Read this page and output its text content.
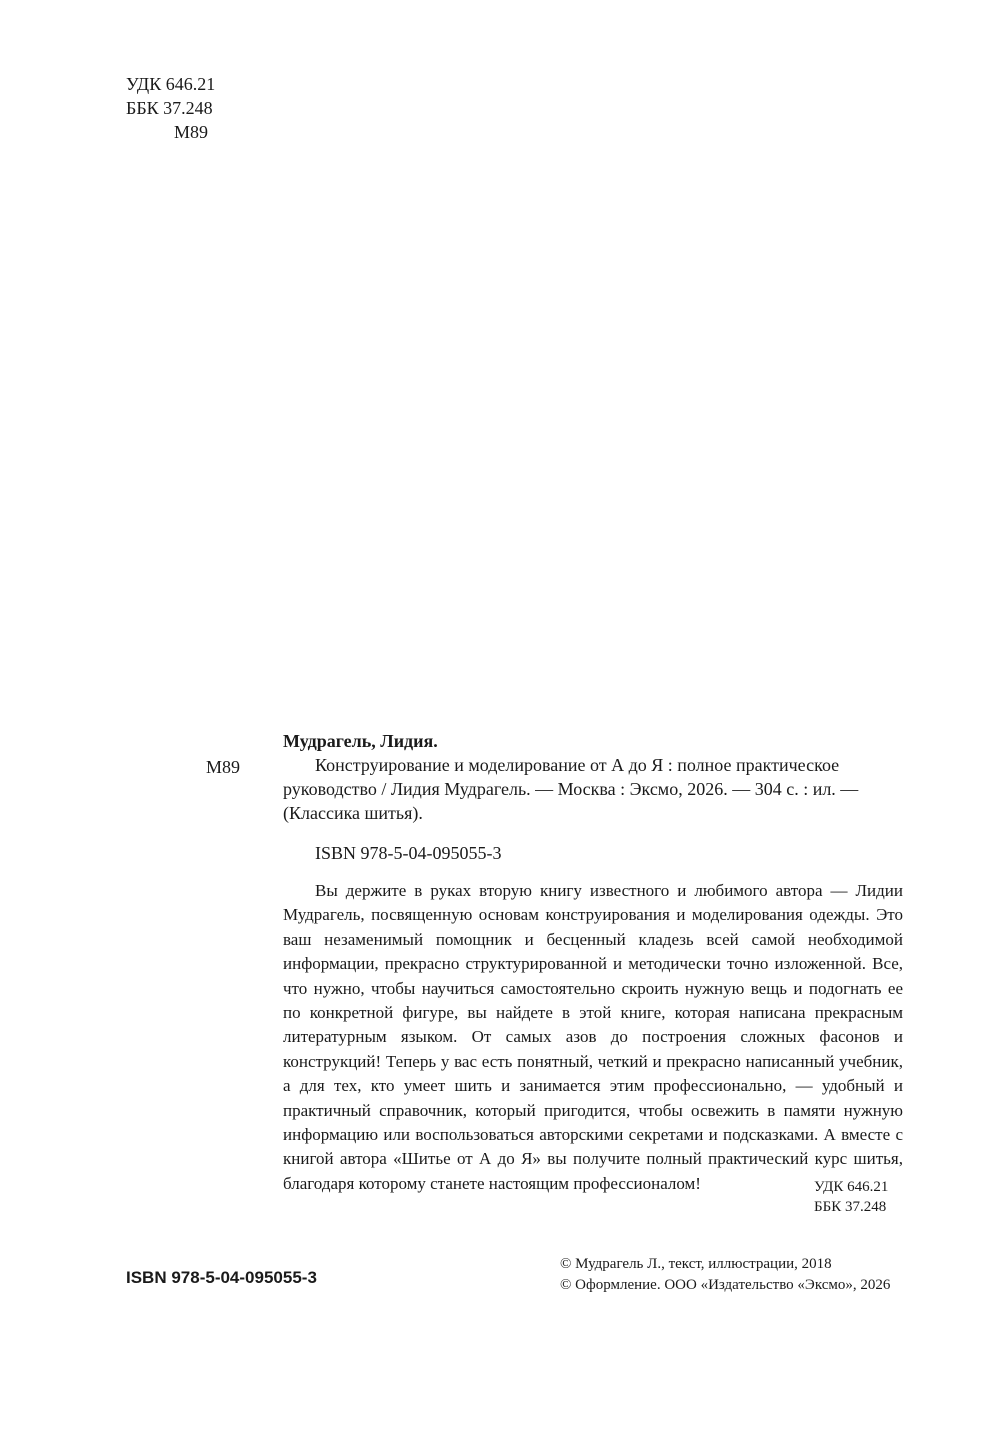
УДК 646.21
ББК 37.248
М89
М89

Мудрагель, Лидия.

Конструирование и моделирование от А до Я : полное практическое руководство / Лидия Мудрагель. — Москва : Эксмо, 2026. — 304 с. : ил. — (Классика шитья).

ISBN 978-5-04-095055-3

Вы держите в руках вторую книгу известного и любимого автора — Лидии Мудрагель, посвященную основам конструирования и моделирования одежды. Это ваш незаменимый помощник и бесценный кладезь всей самой необходимой информации, прекрасно структурированной и методически точно изложенной. Все, что нужно, чтобы научиться самостоятельно скроить нужную вещь и подогнать ее по конкретной фигуре, вы найдете в этой книге, которая написана прекрасным литературным языком. От самых азов до построения сложных фасонов и конструкций! Теперь у вас есть понятный, четкий и прекрасно написанный учебник, а для тех, кто умеет шить и занимается этим профессионально, — удобный и практичный справочник, который пригодится, чтобы освежить в памяти нужную информацию или воспользоваться авторскими секретами и подсказками. А вместе с книгой автора «Шитье от А до Я» вы получите полный практический курс шитья, благодаря которому станете настоящим профессионалом!	УДК 646.21
ББК 37.248
ISBN 978-5-04-095055-3
© Мудрагель Л., текст, иллюстрации, 2018
© Оформление. ООО «Издательство «Эксмо», 2026
